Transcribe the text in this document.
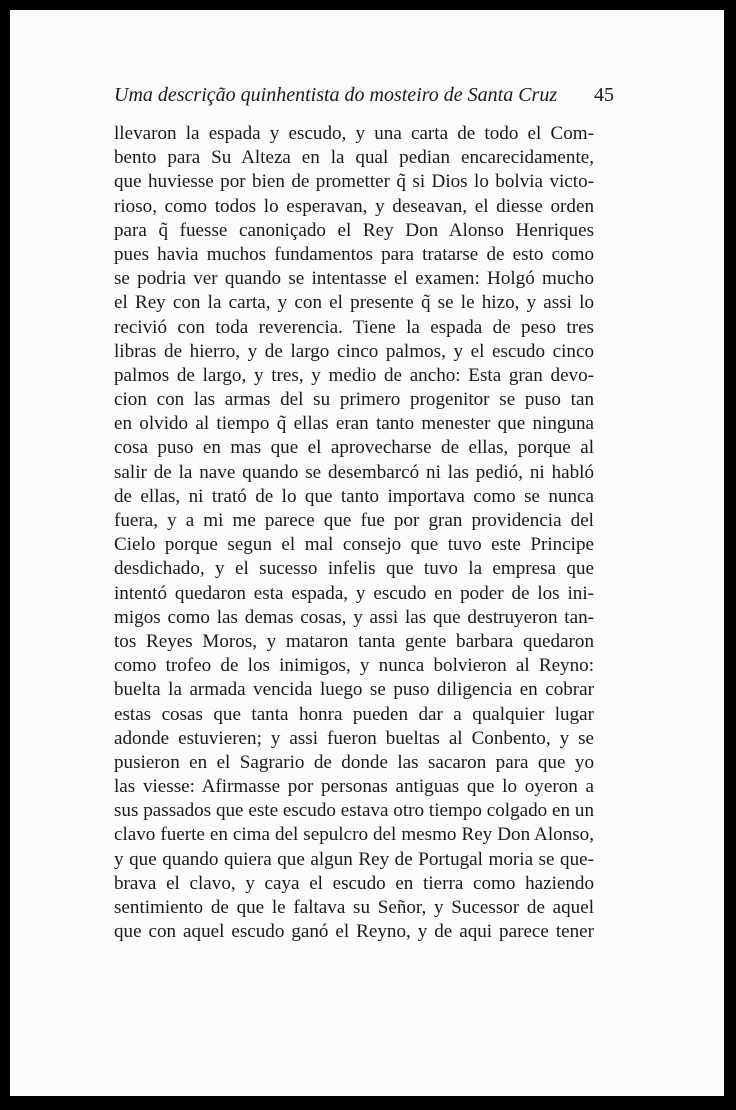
Uma descrição quinhentista do mosteiro de Santa Cruz 45
llevaron la espada y escudo, y una carta de todo el Com-
bento para Su Alteza en la qual pedian encarecidamente,
que huviesse por bien de prometter q̃ si Dios lo bolvia victo-
rioso, como todos lo esperavan, y deseavan, el diesse orden
para q̃ fuesse canoniçado el Rey Don Alonso Henriques
pues havia muchos fundamentos para tratarse de esto como
se podria ver quando se intentasse el examen: Holgó mucho
el Rey con la carta, y con el presente q̃ se le hizo, y assi lo
recivió con toda reverencia. Tiene la espada de peso tres
libras de hierro, y de largo cinco palmos, y el escudo cinco
palmos de largo, y tres, y medio de ancho: Esta gran devo-
cion con las armas del su primero progenitor se puso tan
en olvido al tiempo q̃ ellas eran tanto menester que ninguna
cosa puso en mas que el aprovecharse de ellas, porque al
salir de la nave quando se desembarcó ni las pedió, ni habló
de ellas, ni trató de lo que tanto importava como se nunca
fuera, y a mi me parece que fue por gran providencia del
Cielo porque segun el mal consejo que tuvo este Principe
desdichado, y el sucesso infelis que tuvo la empresa que
intentó quedaron esta espada, y escudo en poder de los ini-
migos como las demas cosas, y assi las que destruyeron tan-
tos Reyes Moros, y mataron tanta gente barbara quedaron
como trofeo de los inimigos, y nunca bolvieron al Reyno:
buelta la armada vencida luego se puso diligencia en cobrar
estas cosas que tanta honra pueden dar a qualquier lugar
adonde estuvieren; y assi fueron bueltas al Conbento, y se
pusieron en el Sagrario de donde las sacaron para que yo
las viesse: Afirmasse por personas antiguas que lo oyeron a
sus passados que este escudo estava otro tiempo colgado en un
clavo fuerte en cima del sepulcro del mesmo Rey Don Alonso,
y que quando quiera que algun Rey de Portugal moria se que-
brava el clavo, y caya el escudo en tierra como haziendo
sentimiento de que le faltava su Señor, y Sucessor de aquel
que con aquel escudo ganó el Reyno, y de aqui parece tener
